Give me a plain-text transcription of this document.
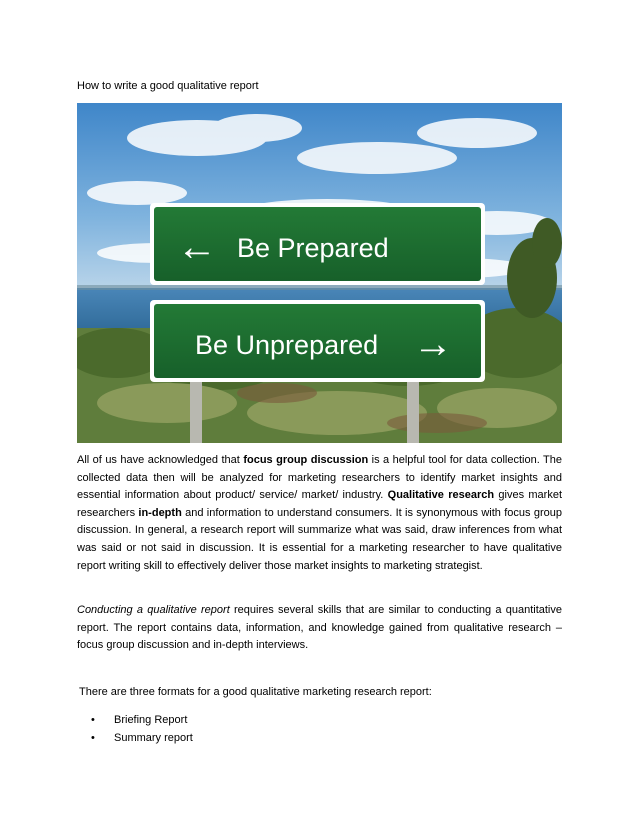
How to write a good qualitative report
← Be Prepared
Be Unprepared →

All of us have acknowledged that focus group discussion is a helpful tool for data collection. The collected data then will be analyzed for marketing researchers to identify market insights and essential information about product/ service/ market/ industry. Qualitative research gives market researchers in-depth and information to understand consumers. It is synonymous with focus group discussion. In general, a research report will summarize what was said, draw inferences from what was said or not said in discussion. It is essential for a marketing researcher to have qualitative report writing skill to effectively deliver those market insights to marketing strategist.

Conducting a qualitative report requires several skills that are similar to conducting a quantitative report. The report contains data, information, and knowledge gained from qualitative research – focus group discussion and in-depth interviews.

There are three formats for a good qualitative marketing research report:

• Briefing Report
• Summary report
